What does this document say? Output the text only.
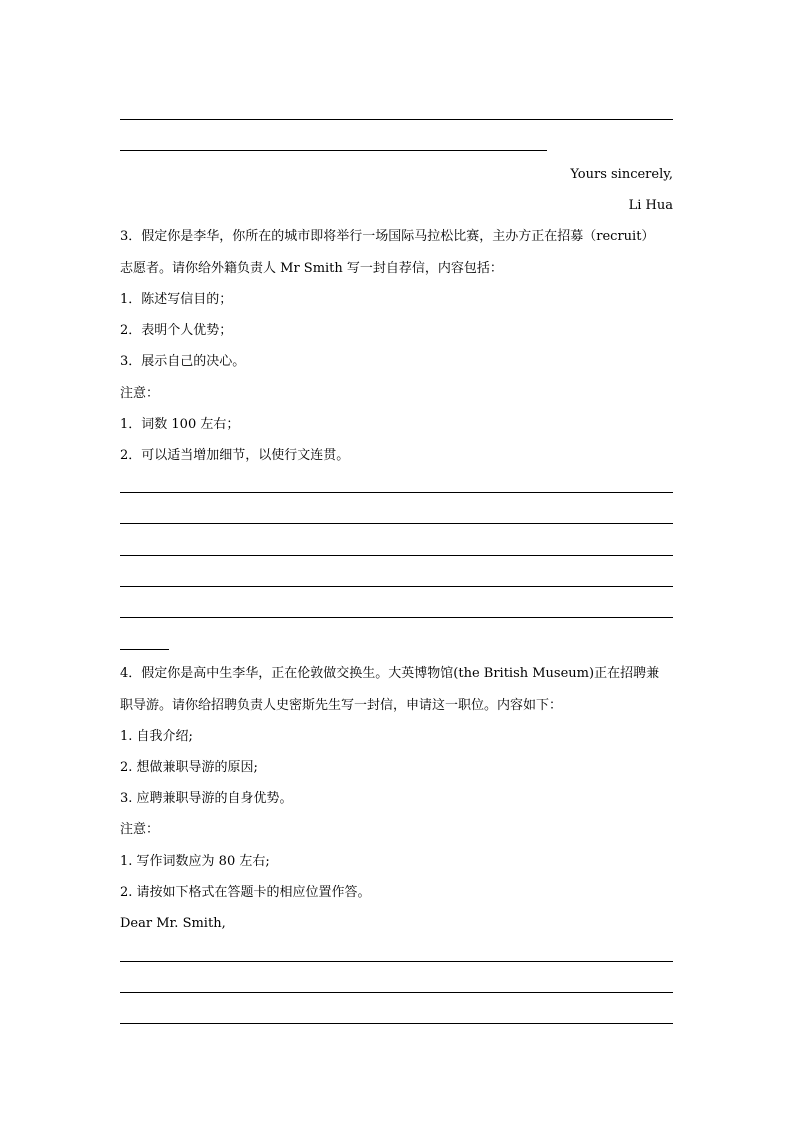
Yours sincerely,
Li Hua
3．假定你是李华，你所在的城市即将举行一场国际马拉松比赛，主办方正在招募（recruit）
志愿者。请你给外籍负责人 Mr Smith 写一封自荐信，内容包括：
1．陈述写信目的；
2．表明个人优势；
3．展示自己的决心。
注意：
1．词数 100 左右；
2．可以适当增加细节，以使行文连贯。
4．假定你是高中生李华，正在伦敦做交换生。大英博物馆(the British Museum)正在招聘兼
职导游。请你给招聘负责人史密斯先生写一封信，申请这一职位。内容如下：
1. 自我介绍;
2. 想做兼职导游的原因;
3. 应聘兼职导游的自身优势。
注意：
1. 写作词数应为 80 左右;
2. 请按如下格式在答题卡的相应位置作答。
Dear Mr. Smith,
